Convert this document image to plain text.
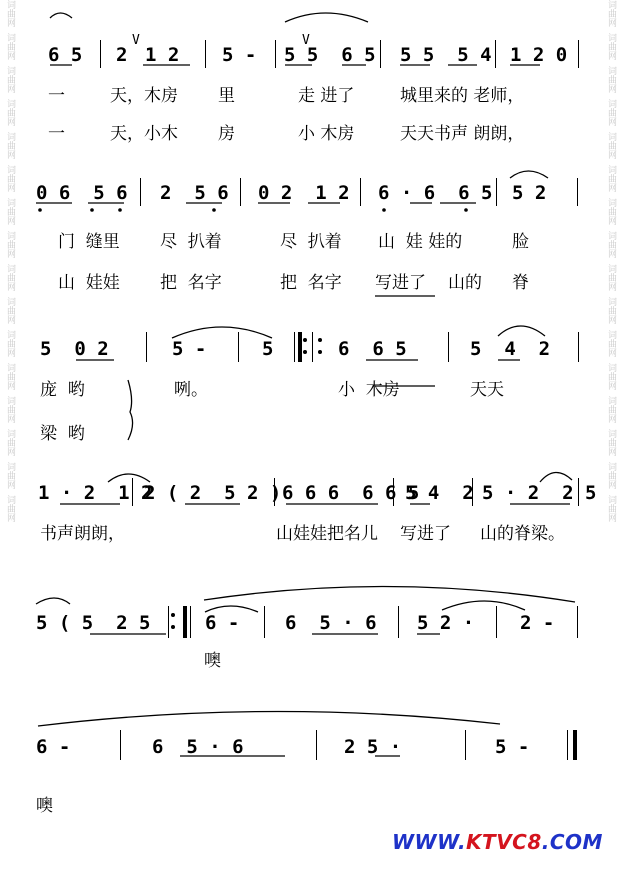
词曲网
词曲网
词曲网
词曲网
词曲网
词曲网
词曲网
词曲网
词曲网
词曲网
词曲网
词曲网
词曲网
词曲网
词曲网
词曲网
词曲网
词曲网
词曲网
词曲网
词曲网
词曲网
词曲网
词曲网
词曲网
词曲网
词曲网
词曲网
词曲网
词曲网
词曲网
词曲网
6 5 2
V
1 2 5 - 5 5  6 5
V
5 5  5 4 1 2 0
一	天，木房 里	走 进了	城里来的 老师，
一	天，小木 房	小 木房	天天书声 朗朗，
0 6  5 6 2  5 6 0 2  1 2 6 · 6  6 5 5 2
门  缝里 尽  扒着	尽  扒着 山  娃 娃的	脸
山  娃娃 把  名字	把  名字 写进了 山的 脊
5  0 2	5 -	5	6  6 5	5  4  2
庞  哟	咧。	小  木房	天天
梁  哟
1 · 2  1 2
2 ( 2  5 2 ) 6 6 6  6 6 5
5 4  2 5 · 2  2 5
书声朗朗，	山娃娃把名儿 写进了 山的脊梁。
5 ( 5  2 5	6 - 6  5 · 6 5 2 · 2 -
噢
6 -	6  5 · 6	2 5 ·	5 -
噢
WWW.KTVC8.COM
